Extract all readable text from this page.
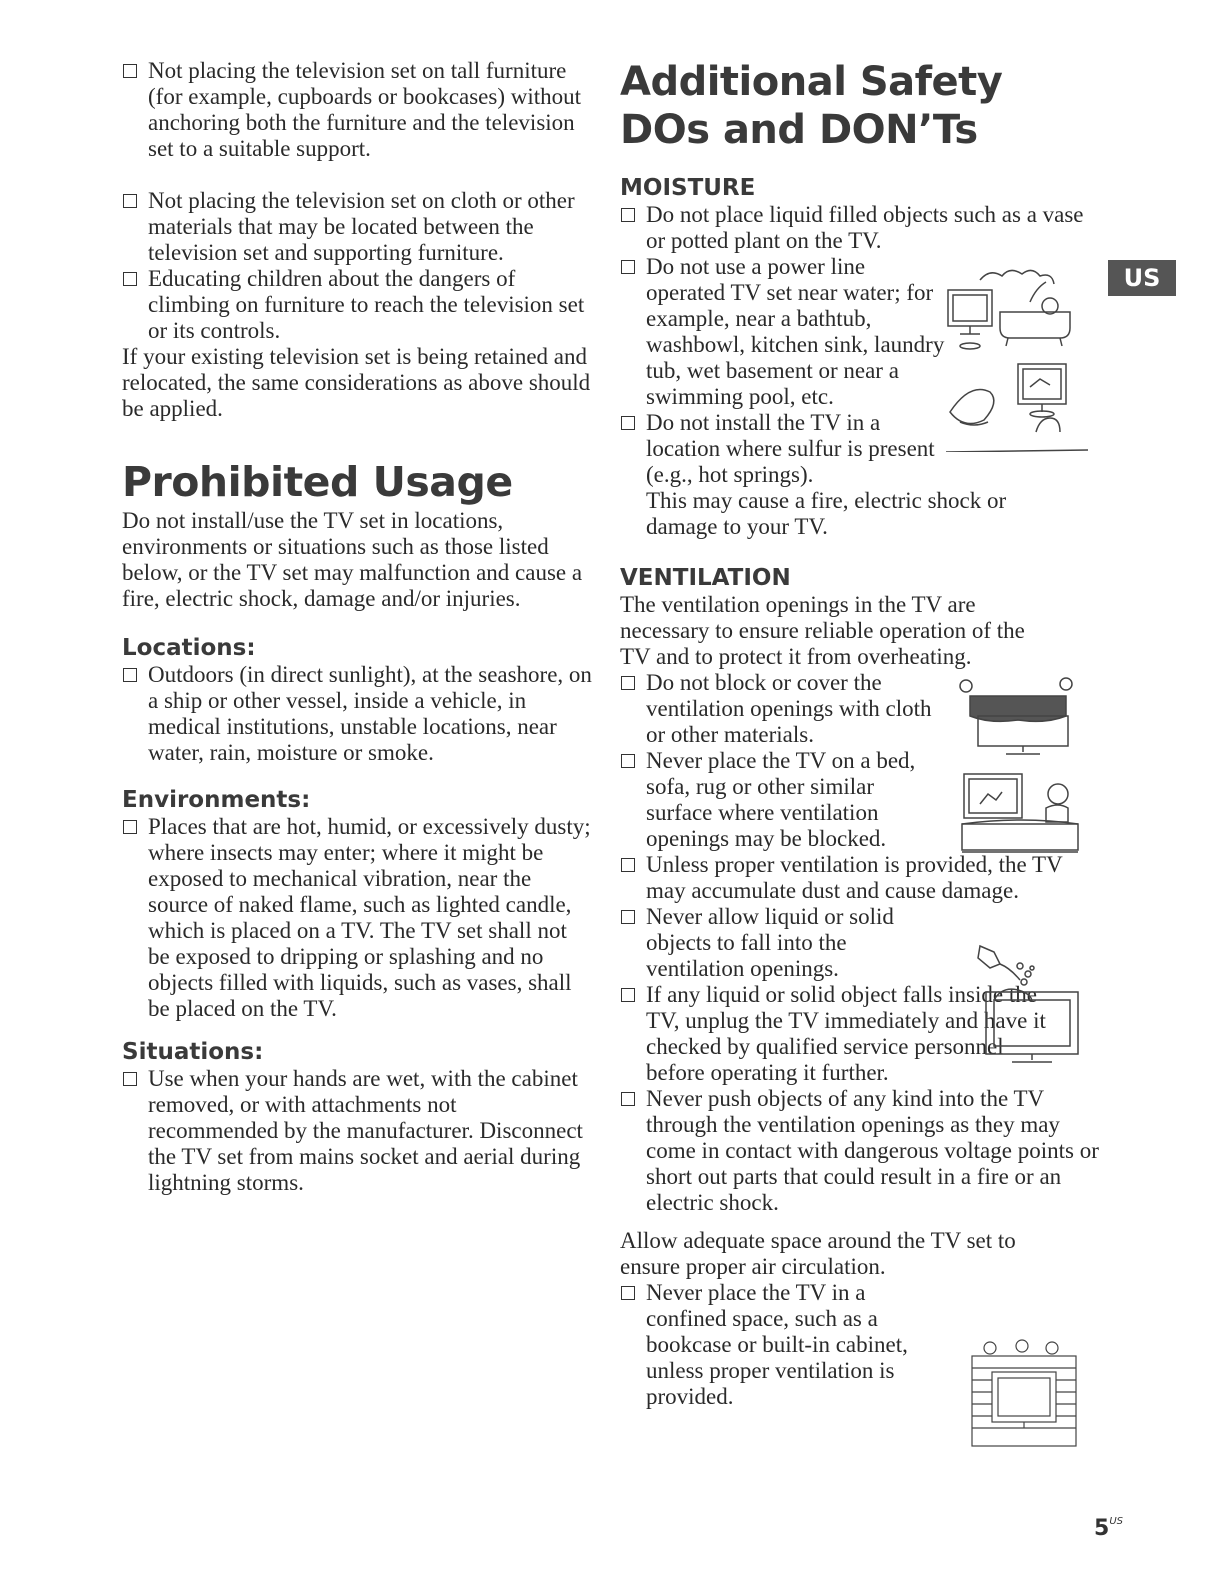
Not placing the television set on tall furniture (for example, cupboards or bookcases) without anchoring both the furniture and the television set to a suitable support.
Not placing the television set on cloth or other materials that may be located between the television set and supporting furniture.
Educating children about the dangers of climbing on furniture to reach the television set or its controls.
If your existing television set is being retained and relocated, the same considerations as above should be applied.
Prohibited Usage
Do not install/use the TV set in locations, environments or situations such as those listed below, or the TV set may malfunction and cause a fire, electric shock, damage and/or injuries.
Locations:
Outdoors (in direct sunlight), at the seashore, on a ship or other vessel, inside a vehicle, in medical institutions, unstable locations, near water, rain, moisture or smoke.
Environments:
Places that are hot, humid, or excessively dusty; where insects may enter; where it might be exposed to mechanical vibration, near the source of naked flame, such as lighted candle, which is placed on a TV. The TV set shall not be exposed to dripping or splashing and no objects filled with liquids, such as vases, shall be placed on the TV.
Situations:
Use when your hands are wet, with the cabinet removed, or with attachments not recommended by the manufacturer. Disconnect the TV set from mains socket and aerial during lightning storms.
Additional Safety DOs and DON’Ts
MOISTURE
Do not place liquid filled objects such as a vase or potted plant on the TV.
Do not use a power line operated TV set near water; for example, near a bathtub, washbowl, kitchen sink, laundry tub, wet basement or near a swimming pool, etc.
Do not install the TV in a location where sulfur is present (e.g., hot springs).
This may cause a fire, electric shock or damage to your TV.
VENTILATION
The ventilation openings in the TV are necessary to ensure reliable operation of the TV and to protect it from overheating.
Do not block or cover the ventilation openings with cloth or other materials.
Never place the TV on a bed, sofa, rug or other similar surface where ventilation openings may be blocked.
Unless proper ventilation is provided, the TV may accumulate dust and cause damage.
Never allow liquid or solid objects to fall into the ventilation openings.
If any liquid or solid object falls inside the TV, unplug the TV immediately and have it checked by qualified service personnel before operating it further.
Never push objects of any kind into the TV through the ventilation openings as they may come in contact with dangerous voltage points or short out parts that could result in a fire or an electric shock.
Allow adequate space around the TV set to ensure proper air circulation.
Never place the TV in a confined space, such as a bookcase or built-in cabinet, unless proper ventilation is provided.
US
$5^{US}$
